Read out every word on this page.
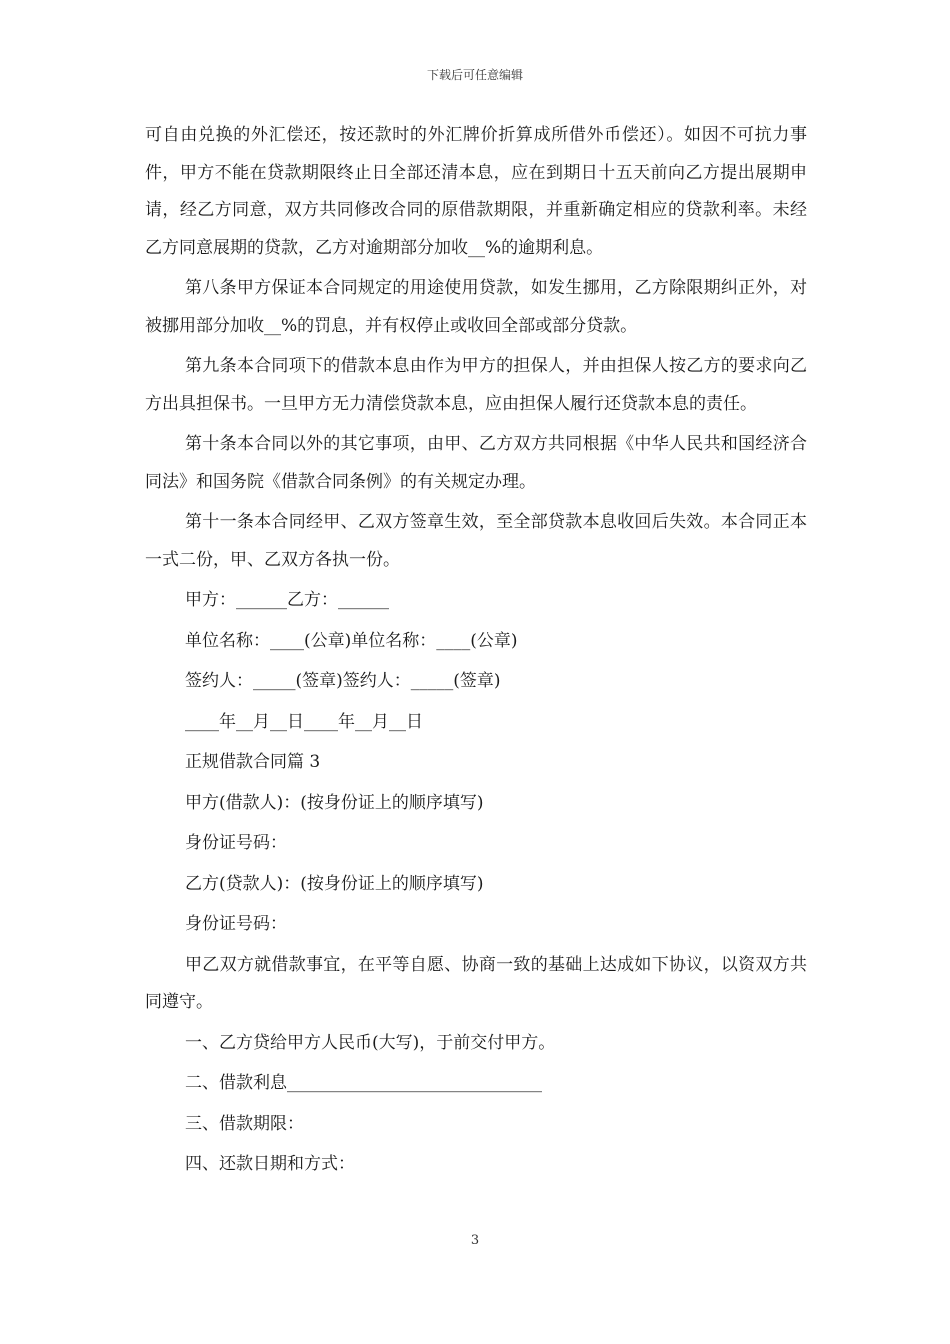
下载后可任意编辑

可自由兑换的外汇偿还，按还款时的外汇牌价折算成所借外币偿还）。如因不可抗力事件，甲方不能在贷款期限终止日全部还清本息，应在到期日十五天前向乙方提出展期申请，经乙方同意，双方共同修改合同的原借款期限，并重新确定相应的贷款利率。未经乙方同意展期的贷款，乙方对逾期部分加收__%的逾期利息。

第八条甲方保证本合同规定的用途使用贷款，如发生挪用，乙方除限期纠正外，对被挪用部分加收__%的罚息，并有权停止或收回全部或部分贷款。

第九条本合同项下的借款本息由作为甲方的担保人，并由担保人按乙方的要求向乙方出具担保书。一旦甲方无力清偿贷款本息，应由担保人履行还贷款本息的责任。

第十条本合同以外的其它事项，由甲、乙方双方共同根据《中华人民共和国经济合同法》和国务院《借款合同条例》的有关规定办理。

第十一条本合同经甲、乙双方签章生效，至全部贷款本息收回后失效。本合同正本一式二份，甲、乙双方各执一份。

甲方：______乙方：______

单位名称：____(公章)单位名称：____(公章)

签约人：_____(签章)签约人：_____(签章)

____年__月__日____年__月__日

正规借款合同篇 3

甲方(借款人)：(按身份证上的顺序填写)

身份证号码：

乙方(贷款人)：(按身份证上的顺序填写)

身份证号码：

甲乙双方就借款事宜，在平等自愿、协商一致的基础上达成如下协议，以资双方共同遵守。

一、乙方贷给甲方人民币(大写)，于前交付甲方。

二、借款利息______________________________

三、借款期限：

四、还款日期和方式：

3
